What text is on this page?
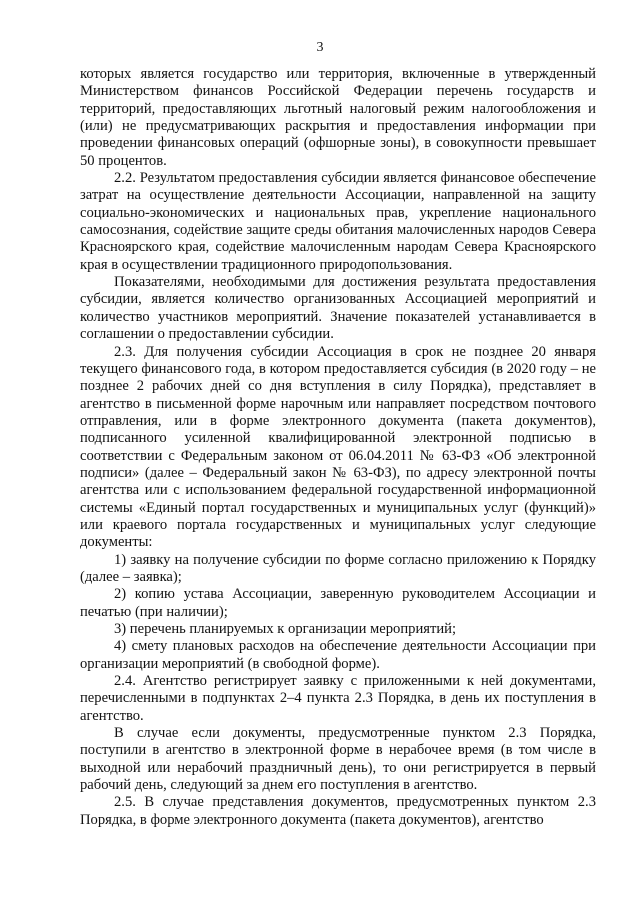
3

которых является государство или территория, включенные в утвержденный Министерством финансов Российской Федерации перечень государств и территорий, предоставляющих льготный налоговый режим налогообложения и (или) не предусматривающих раскрытия и предоставления информации при проведении финансовых операций (офшорные зоны), в совокупности превышает 50 процентов.

2.2. Результатом предоставления субсидии является финансовое обеспечение затрат на осуществление деятельности Ассоциации, направленной на защиту социально-экономических и национальных прав, укрепление национального самосознания, содействие защите среды обитания малочисленных народов Севера Красноярского края, содействие малочисленным народам Севера Красноярского края в осуществлении традиционного природопользования.

Показателями, необходимыми для достижения результата предоставления субсидии, является количество организованных Ассоциацией мероприятий и количество участников мероприятий. Значение показателей устанавливается в соглашении о предоставлении субсидии.

2.3. Для получения субсидии Ассоциация в срок не позднее 20 января текущего финансового года, в котором предоставляется субсидия (в 2020 году – не позднее 2 рабочих дней со дня вступления в силу Порядка), представляет в агентство в письменной форме нарочным или направляет посредством почтового отправления, или в форме электронного документа (пакета документов), подписанного усиленной квалифицированной электронной подписью в соответствии с Федеральным законом от 06.04.2011 № 63-ФЗ «Об электронной подписи» (далее – Федеральный закон № 63-ФЗ), по адресу электронной почты агентства или с использованием федеральной государственной информационной системы «Единый портал государственных и муниципальных услуг (функций)» или краевого портала государственных и муниципальных услуг следующие документы:

1) заявку на получение субсидии по форме согласно приложению к Порядку (далее – заявка);

2) копию устава Ассоциации, заверенную руководителем Ассоциации и печатью (при наличии);

3) перечень планируемых к организации мероприятий;

4) смету плановых расходов на обеспечение деятельности Ассоциации при организации мероприятий (в свободной форме).

2.4. Агентство регистрирует заявку с приложенными к ней документами, перечисленными в подпунктах 2–4 пункта 2.3 Порядка, в день их поступления в агентство.

В случае если документы, предусмотренные пунктом 2.3 Порядка, поступили в агентство в электронной форме в нерабочее время (в том числе в выходной или нерабочий праздничный день), то они регистрируется в первый рабочий день, следующий за днем его поступления в агентство.

2.5. В случае представления документов, предусмотренных пунктом 2.3 Порядка, в форме электронного документа (пакета документов), агентство
